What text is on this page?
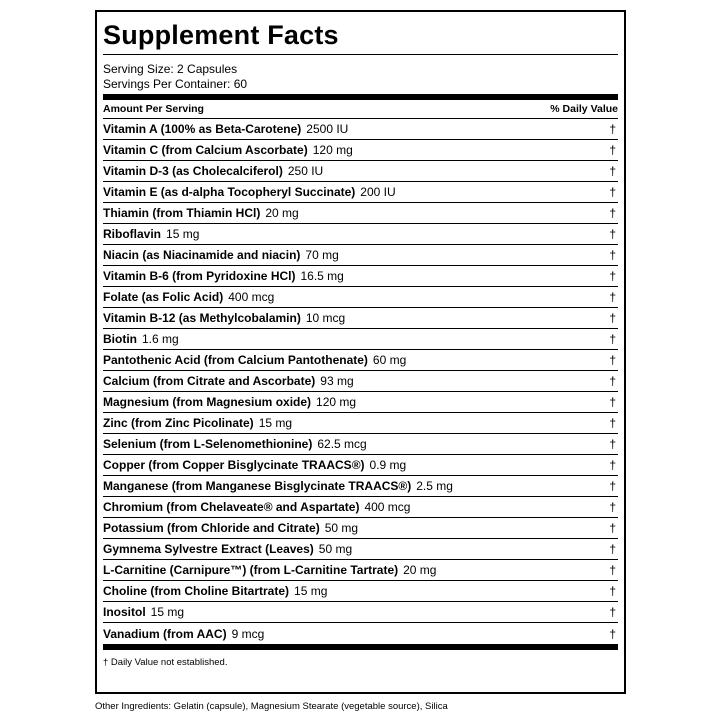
Supplement Facts
Serving Size: 2 Capsules
Servings Per Container: 60
Amount Per Serving	% Daily Value
Vitamin A (100% as Beta-Carotene) 2500 IU	†
Vitamin C (from Calcium Ascorbate) 120 mg	†
Vitamin D-3 (as Cholecalciferol) 250 IU	†
Vitamin E (as d-alpha Tocopheryl Succinate) 200 IU	†
Thiamin (from Thiamin HCl) 20 mg	†
Riboflavin 15 mg	†
Niacin (as Niacinamide and niacin) 70 mg	†
Vitamin B-6 (from Pyridoxine HCl) 16.5 mg	†
Folate (as Folic Acid) 400 mcg	†
Vitamin B-12 (as Methylcobalamin) 10 mcg	†
Biotin 1.6 mg	†
Pantothenic Acid (from Calcium Pantothenate) 60 mg	†
Calcium (from Citrate and Ascorbate) 93 mg	†
Magnesium (from Magnesium oxide) 120 mg	†
Zinc (from Zinc Picolinate) 15 mg	†
Selenium (from L-Selenomethionine) 62.5 mcg	†
Copper (from Copper Bisglycinate TRAACS®) 0.9 mg	†
Manganese (from Manganese Bisglycinate TRAACS®) 2.5 mg	†
Chromium (from Chelaveate® and Aspartate) 400 mcg	†
Potassium (from Chloride and Citrate) 50 mg	†
Gymnema Sylvestre Extract (Leaves) 50 mg	†
L-Carnitine (Carnipure™) (from L-Carnitine Tartrate) 20 mg	†
Choline (from Choline Bitartrate) 15 mg	†
Inositol 15 mg	†
Vanadium (from AAC) 9 mcg	†
† Daily Value not established.
Other Ingredients: Gelatin (capsule), Magnesium Stearate (vegetable source), Silica
